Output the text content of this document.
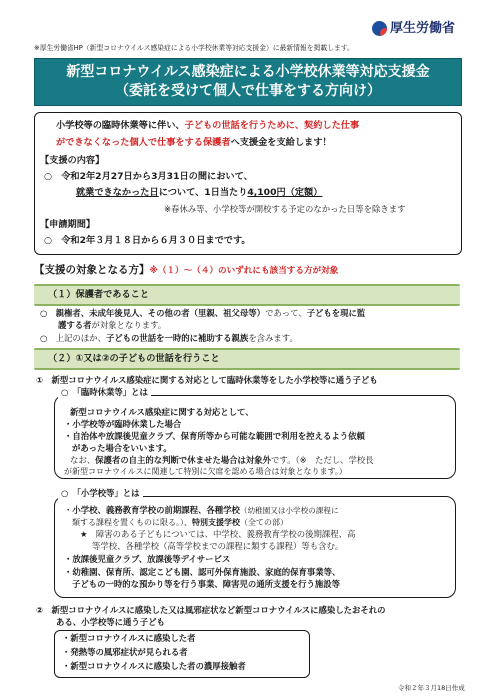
厚生労働省
※厚生労働省HP（新型コロナウイルス感染症による小学校休業等対応支援金）に最新情報を掲載します。
新型コロナウイルス感染症による小学校休業等対応支援金
（委託を受けて個人で仕事をする方向け）
小学校等の臨時休業等に伴い、子どもの世話を行うために、契約した仕事
ができなくなった個人で仕事をする保護者へ支援金を支給します！
【支援の内容】
○　令和2年2月27日から3月31日の間において、
就業できなかった日について、1日当たり4,100円（定額）
※春休み等、小学校等が開校する予定のなかった日等を除きます
【申請期間】
○　令和2年３月１８日から６月３０日までです。
【支援の対象となる方】※（１）～（４）のいずれにも該当する方が対象
（１）保護者であること
○　親権者、未成年後見人、その他の者（里親、祖父母等）であって、子どもを現に監
護する者が対象となります。
○　上記のほか、子どもの世話を一時的に補助する親族を含みます。
（２）①又は②の子どもの世話を行うこと
①　 新型コロナウイルス感染症に関する対応として臨時休業等をした小学校等に通う子ども
○　「臨時休業等」とは
新型コロナウイルス感染症に関する対応として、
・ 小学校等が臨時休業した場合
・ 自治体や放課後児童クラブ、保育所等から可能な範囲で利用を控えるよう依頼
があった場合をいいます。
なお、保護者の自主的な判断で休ませた場合は対象外です。（※　ただし、学校長
が新型コロナウイルスに関連して特別に欠席を認める場合は対象となります。）
○　「小学校等」とは
・小学校、義務教育学校の前期課程、各種学校（幼稚園又は小学校の課程に
類する課程を置くものに限る。）、特別支援学校（全ての部）
★　障害のある子どもについては、中学校、義務教育学校の後期課程、高
等学校、各種学校（高等学校までの課程に類する課程）等も含む。
・ 放課後児童クラブ、放課後等デイサービス
・ 幼稚園、保育所、認定こども園、認可外保育施設、家庭的保育事業等、
子どもの一時的な預かり等を行う事業、障害児の通所支援を行う施設等
②　 新型コロナウイルスに感染した又は風邪症状など新型コロナウイルスに感染したおそれの
ある、小学校等に通う子ども
・ 新型コロナウイルスに感染した者
・ 発熱等の風邪症状が見られる者
・ 新型コロナウイルスに感染した者の濃厚接触者
令和２年３月18日作成
